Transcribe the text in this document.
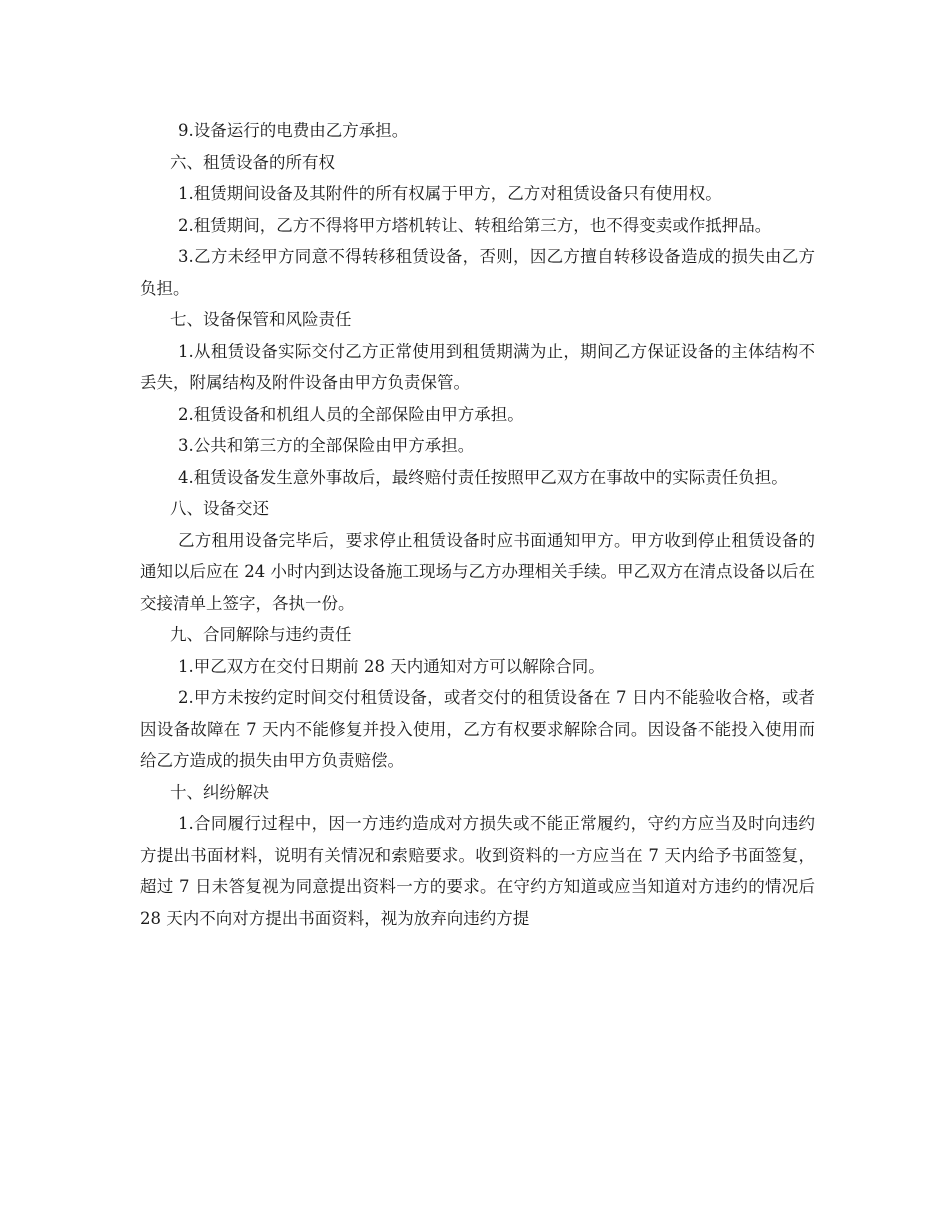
9.设备运行的电费由乙方承担。

六、租赁设备的所有权

1.租赁期间设备及其附件的所有权属于甲方，乙方对租赁设备只有使用权。

2.租赁期间，乙方不得将甲方塔机转让、转租给第三方，也不得变卖或作抵押品。

3.乙方未经甲方同意不得转移租赁设备，否则，因乙方擅自转移设备造成的损失由乙方负担。

七、设备保管和风险责任

1.从租赁设备实际交付乙方正常使用到租赁期满为止，期间乙方保证设备的主体结构不丢失，附属结构及附件设备由甲方负责保管。

2.租赁设备和机组人员的全部保险由甲方承担。

3.公共和第三方的全部保险由甲方承担。

4.租赁设备发生意外事故后，最终赔付责任按照甲乙双方在事故中的实际责任负担。

八、设备交还

乙方租用设备完毕后，要求停止租赁设备时应书面通知甲方。甲方收到停止租赁设备的通知以后应在 24 小时内到达设备施工现场与乙方办理相关手续。甲乙双方在清点设备以后在交接清单上签字，各执一份。

九、合同解除与违约责任

1.甲乙双方在交付日期前 28 天内通知对方可以解除合同。

2.甲方未按约定时间交付租赁设备，或者交付的租赁设备在 7 日内不能验收合格，或者因设备故障在 7 天内不能修复并投入使用，乙方有权要求解除合同。因设备不能投入使用而给乙方造成的损失由甲方负责赔偿。

十、纠纷解决

1.合同履行过程中，因一方违约造成对方损失或不能正常履约，守约方应当及时向违约方提出书面材料，说明有关情况和索赔要求。收到资料的一方应当在 7 天内给予书面签复，超过 7 日未答复视为同意提出资料一方的要求。在守约方知道或应当知道对方违约的情况后 28 天内不向对方提出书面资料，视为放弃向违约方提
